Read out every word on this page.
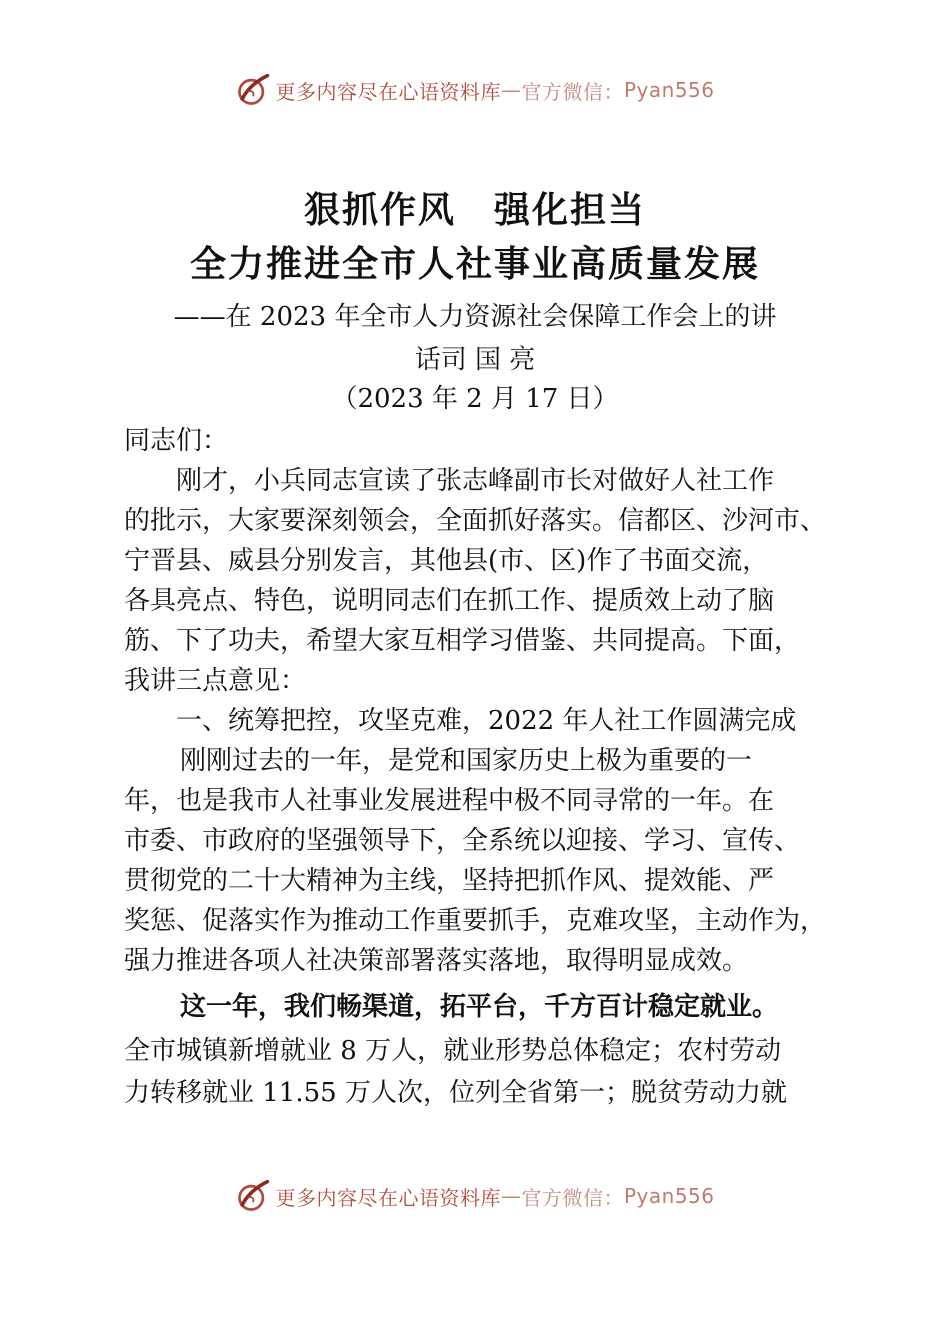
更多内容尽在心语资料库 — 官方微信： Pyan556
狠抓作风　强化担当
全力推进全市人社事业高质量发展

——在 2023 年全市人力资源社会保障工作会上的讲

话司 国 亮

（2023 年 2 月 17 日）

同志们：

刚才，小兵同志宣读了张志峰副市长对做好人社工作

的批示，大家要深刻领会，全面抓好落实。信都区、沙河市、

宁晋县、威县分别发言，其他县(市、区)作了书面交流，

各具亮点、特色，说明同志们在抓工作、提质效上动了脑

筋、下了功夫，希望大家互相学习借鉴、共同提高。下面，

我讲三点意见：

一、统筹把控，攻坚克难，2022 年人社工作圆满完成

刚刚过去的一年，是党和国家历史上极为重要的一

年，也是我市人社事业发展进程中极不同寻常的一年。在

市委、市政府的坚强领导下，全系统以迎接、学习、宣传、

贯彻党的二十大精神为主线，坚持把抓作风、提效能、严

奖惩、促落实作为推动工作重要抓手，克难攻坚，主动作为，

强力推进各项人社决策部署落实落地，取得明显成效。

这一年，我们畅渠道，拓平台，千方百计稳定就业。

全市城镇新增就业 8 万人，就业形势总体稳定；农村劳动

力转移就业 11.55 万人次，位列全省第一；脱贫劳动力就

更多内容尽在心语资料库 — 官方微信： Pyan556
